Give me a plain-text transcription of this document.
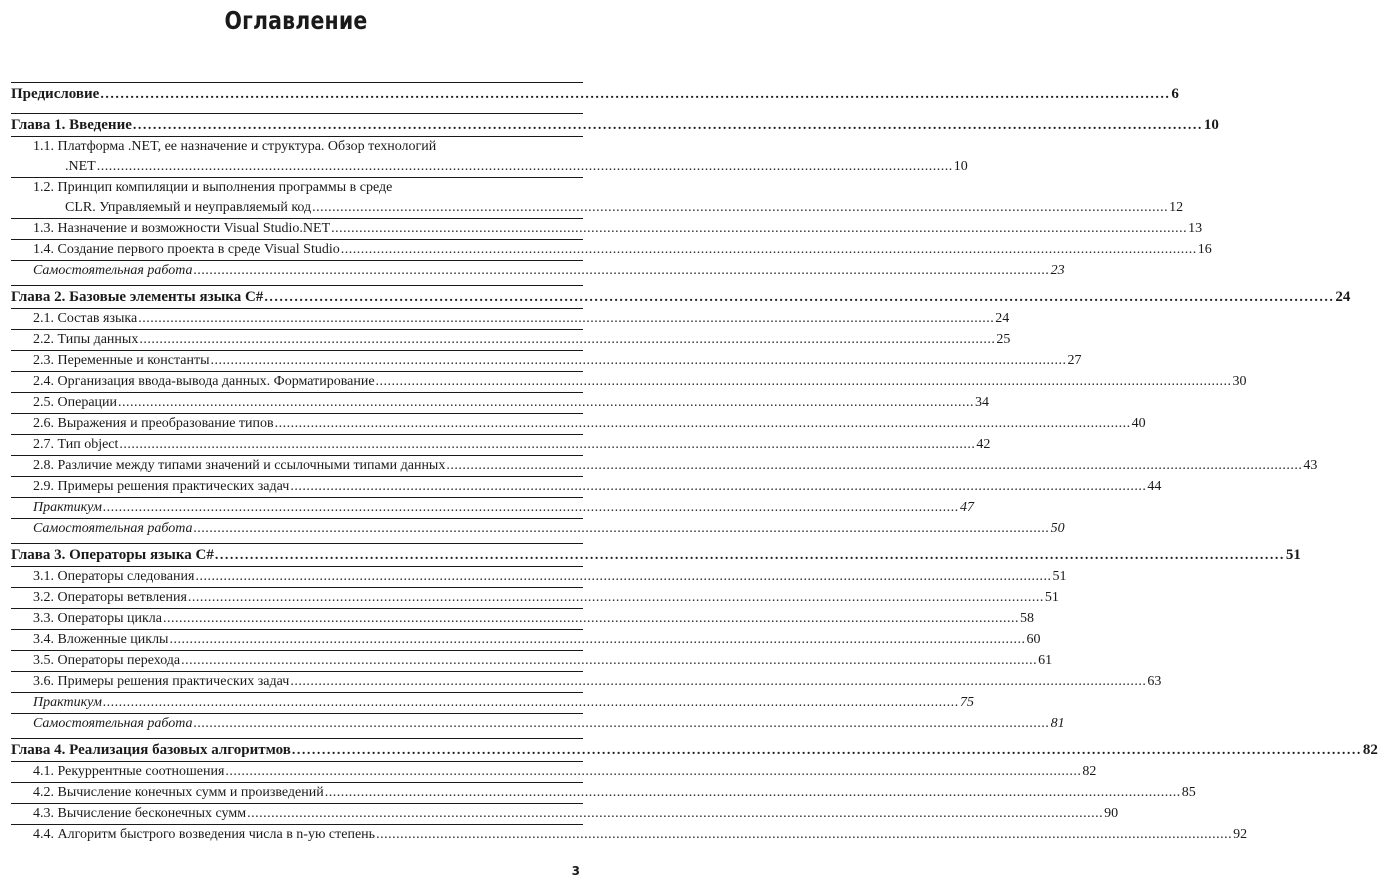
Оглавление
Предисловие .....	6
Глава 1. Введение .....	10
1.1. Платформа .NET, ее назначение и структура. Обзор технологий
.NET .....	10
1.2. Принцип компиляции и выполнения программы в среде
CLR. Управляемый и неуправляемый код .....	12
1.3. Назначение и возможности Visual Studio.NET .....	13
1.4. Создание первого проекта в среде Visual Studio .....	16
Самостоятельная работа .....	23
Глава 2. Базовые элементы языка C# .....	24
2.1. Состав языка .....	24
2.2. Типы данных .....	25
2.3. Переменные и константы .....	27
2.4. Организация ввода-вывода данных. Форматирование .....	30
2.5. Операции .....	34
2.6. Выражения и преобразование типов .....	40
2.7. Тип object .....	42
2.8. Различие между типами значений и ссылочными типами данных .....	43
2.9. Примеры решения практических задач .....	44
Практикум .....	47
Самостоятельная работа .....	50
Глава 3. Операторы языка C# .....	51
3.1. Операторы следования .....	51
3.2. Операторы ветвления .....	51
3.3. Операторы цикла .....	58
3.4. Вложенные циклы .....	60
3.5. Операторы перехода .....	61
3.6. Примеры решения практических задач .....	63
Практикум .....	75
Самостоятельная работа .....	81
Глава 4. Реализация базовых алгоритмов .....	82
4.1. Рекуррентные соотношения .....	82
4.2. Вычисление конечных сумм и произведений .....	85
4.3. Вычисление бесконечных сумм .....	90
4.4. Алгоритм быстрого возведения числа в n-ую степень .....	92
3
